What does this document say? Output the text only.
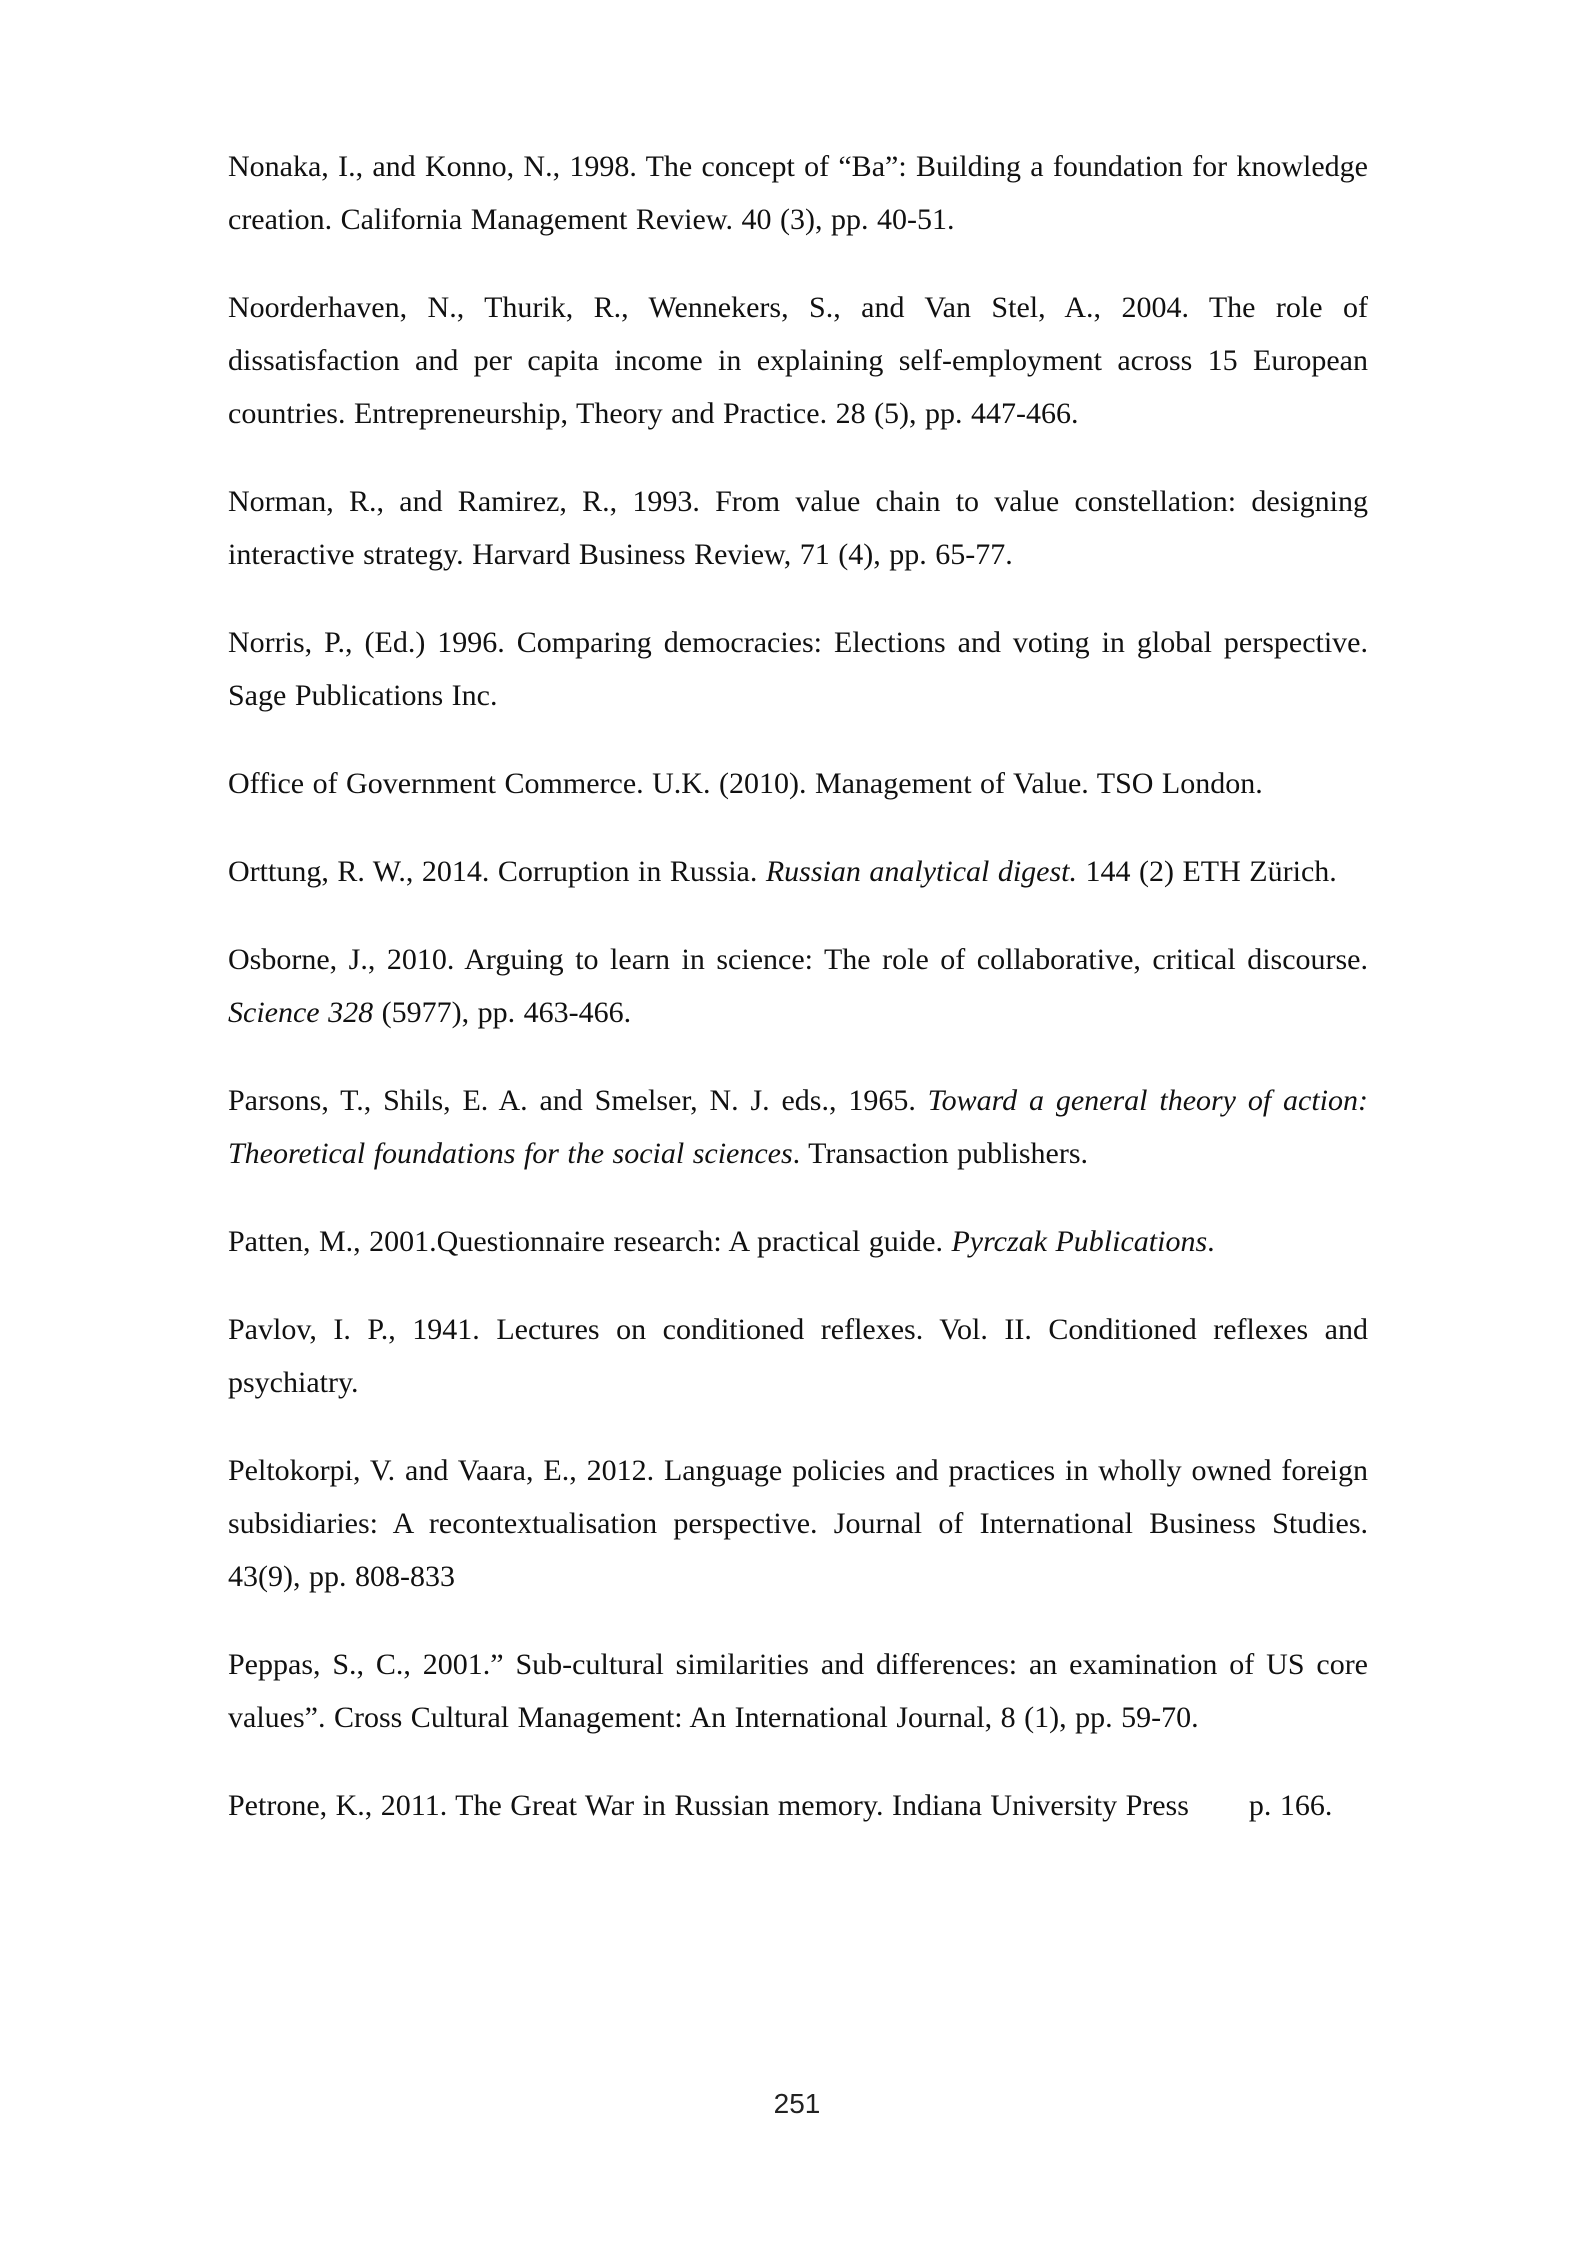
Nonaka, I., and Konno, N., 1998. The concept of “Ba”: Building a foundation for knowledge creation. California Management Review. 40 (3), pp. 40-51.

Noorderhaven, N., Thurik, R., Wennekers, S., and Van Stel, A., 2004. The role of dissatisfaction and per capita income in explaining self-employment across 15 European countries. Entrepreneurship, Theory and Practice. 28 (5), pp. 447-466.

Norman, R., and Ramirez, R., 1993. From value chain to value constellation: designing interactive strategy. Harvard Business Review, 71 (4), pp. 65-77.

Norris, P., (Ed.) 1996. Comparing democracies: Elections and voting in global perspective. Sage Publications Inc.

Office of Government Commerce. U.K. (2010). Management of Value. TSO London.

Orttung, R. W., 2014. Corruption in Russia. Russian analytical digest. 144 (2) ETH Zürich.

Osborne, J., 2010. Arguing to learn in science: The role of collaborative, critical discourse. Science 328 (5977), pp. 463-466.

Parsons, T., Shils, E. A. and Smelser, N. J. eds., 1965. Toward a general theory of action: Theoretical foundations for the social sciences. Transaction publishers.

Patten, M., 2001.Questionnaire research: A practical guide. Pyrczak Publications.

Pavlov, I. P., 1941. Lectures on conditioned reflexes. Vol. II. Conditioned reflexes and psychiatry.

Peltokorpi, V. and Vaara, E., 2012. Language policies and practices in wholly owned foreign subsidiaries: A recontextualisation perspective. Journal of International Business Studies. 43(9), pp. 808-833

Peppas, S., C., 2001.” Sub-cultural similarities and differences: an examination of US core values”. Cross Cultural Management: An International Journal, 8 (1), pp. 59-70.

Petrone, K., 2011. The Great War in Russian memory. Indiana University Press  p. 166.

251
